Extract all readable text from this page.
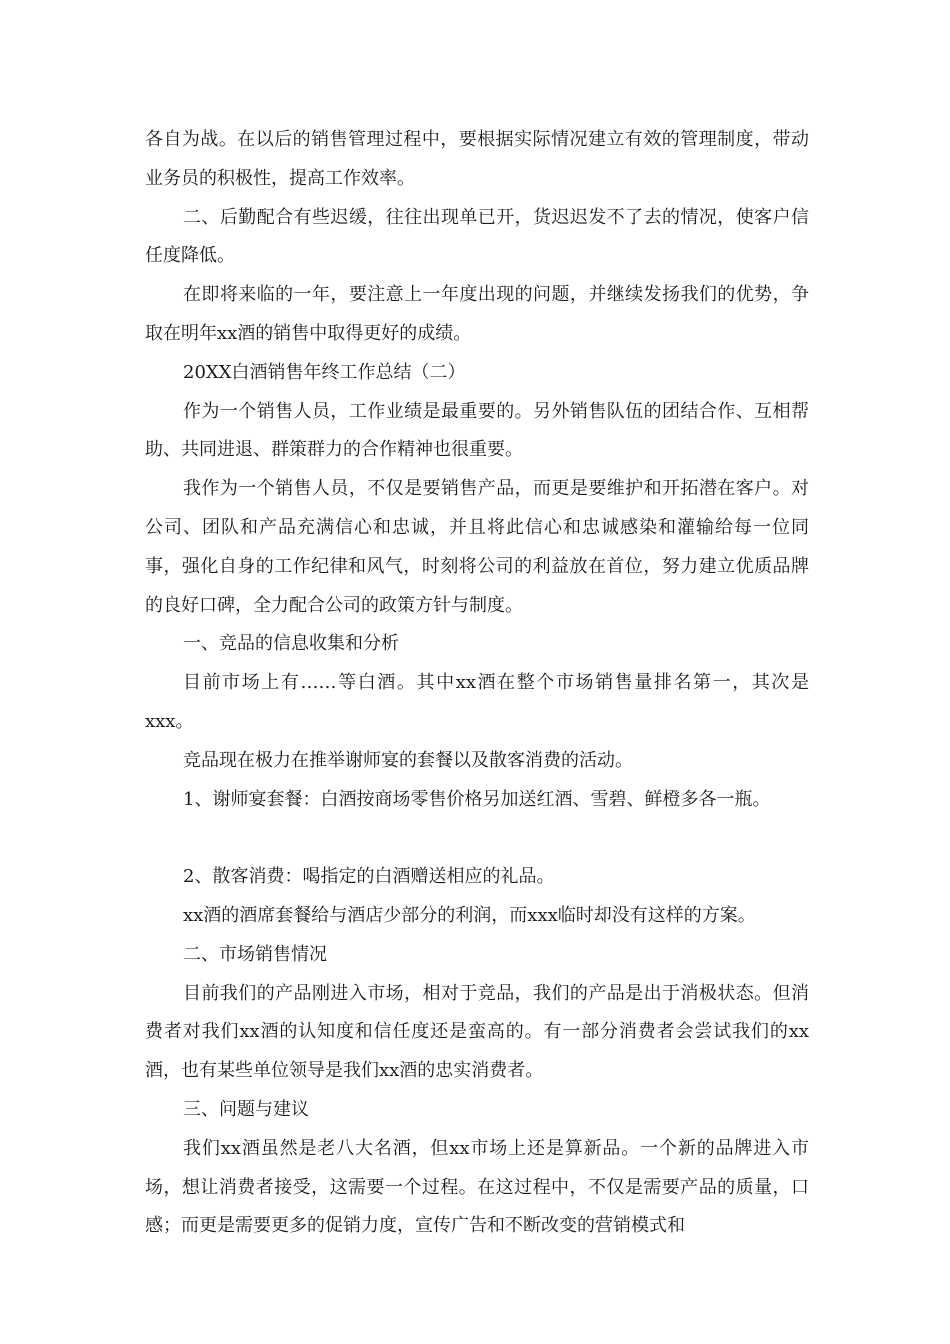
各自为战。在以后的销售管理过程中，要根据实际情况建立有效的管理制度，带动业务员的积极性，提高工作效率。

二、后勤配合有些迟缓，往往出现单已开，货迟迟发不了去的情况，使客户信任度降低。

在即将来临的一年，要注意上一年度出现的问题，并继续发扬我们的优势，争取在明年xx酒的销售中取得更好的成绩。

20XX白酒销售年终工作总结（二）

作为一个销售人员，工作业绩是最重要的。另外销售队伍的团结合作、互相帮助、共同进退、群策群力的合作精神也很重要。

我作为一个销售人员，不仅是要销售产品，而更是要维护和开拓潜在客户。对公司、团队和产品充满信心和忠诚，并且将此信心和忠诚感染和灌输给每一位同事，强化自身的工作纪律和风气，时刻将公司的利益放在首位，努力建立优质品牌的良好口碑，全力配合公司的政策方针与制度。

一、竞品的信息收集和分析

目前市场上有……等白酒。其中xx酒在整个市场销售量排名第一，其次是xxx。

竞品现在极力在推举谢师宴的套餐以及散客消费的活动。

1、谢师宴套餐：白酒按商场零售价格另加送红酒、雪碧、鲜橙多各一瓶。

2、散客消费：喝指定的白酒赠送相应的礼品。

xx酒的酒席套餐给与酒店少部分的利润，而xxx临时却没有这样的方案。

二、市场销售情况

目前我们的产品刚进入市场，相对于竞品，我们的产品是出于消极状态。但消费者对我们xx酒的认知度和信任度还是蛮高的。有一部分消费者会尝试我们的xx酒，也有某些单位领导是我们xx酒的忠实消费者。

三、问题与建议

我们xx酒虽然是老八大名酒，但xx市场上还是算新品。一个新的品牌进入市场，想让消费者接受，这需要一个过程。在这过程中，不仅是需要产品的质量，口感；而更是需要更多的促销力度，宣传广告和不断改变的营销模式和
